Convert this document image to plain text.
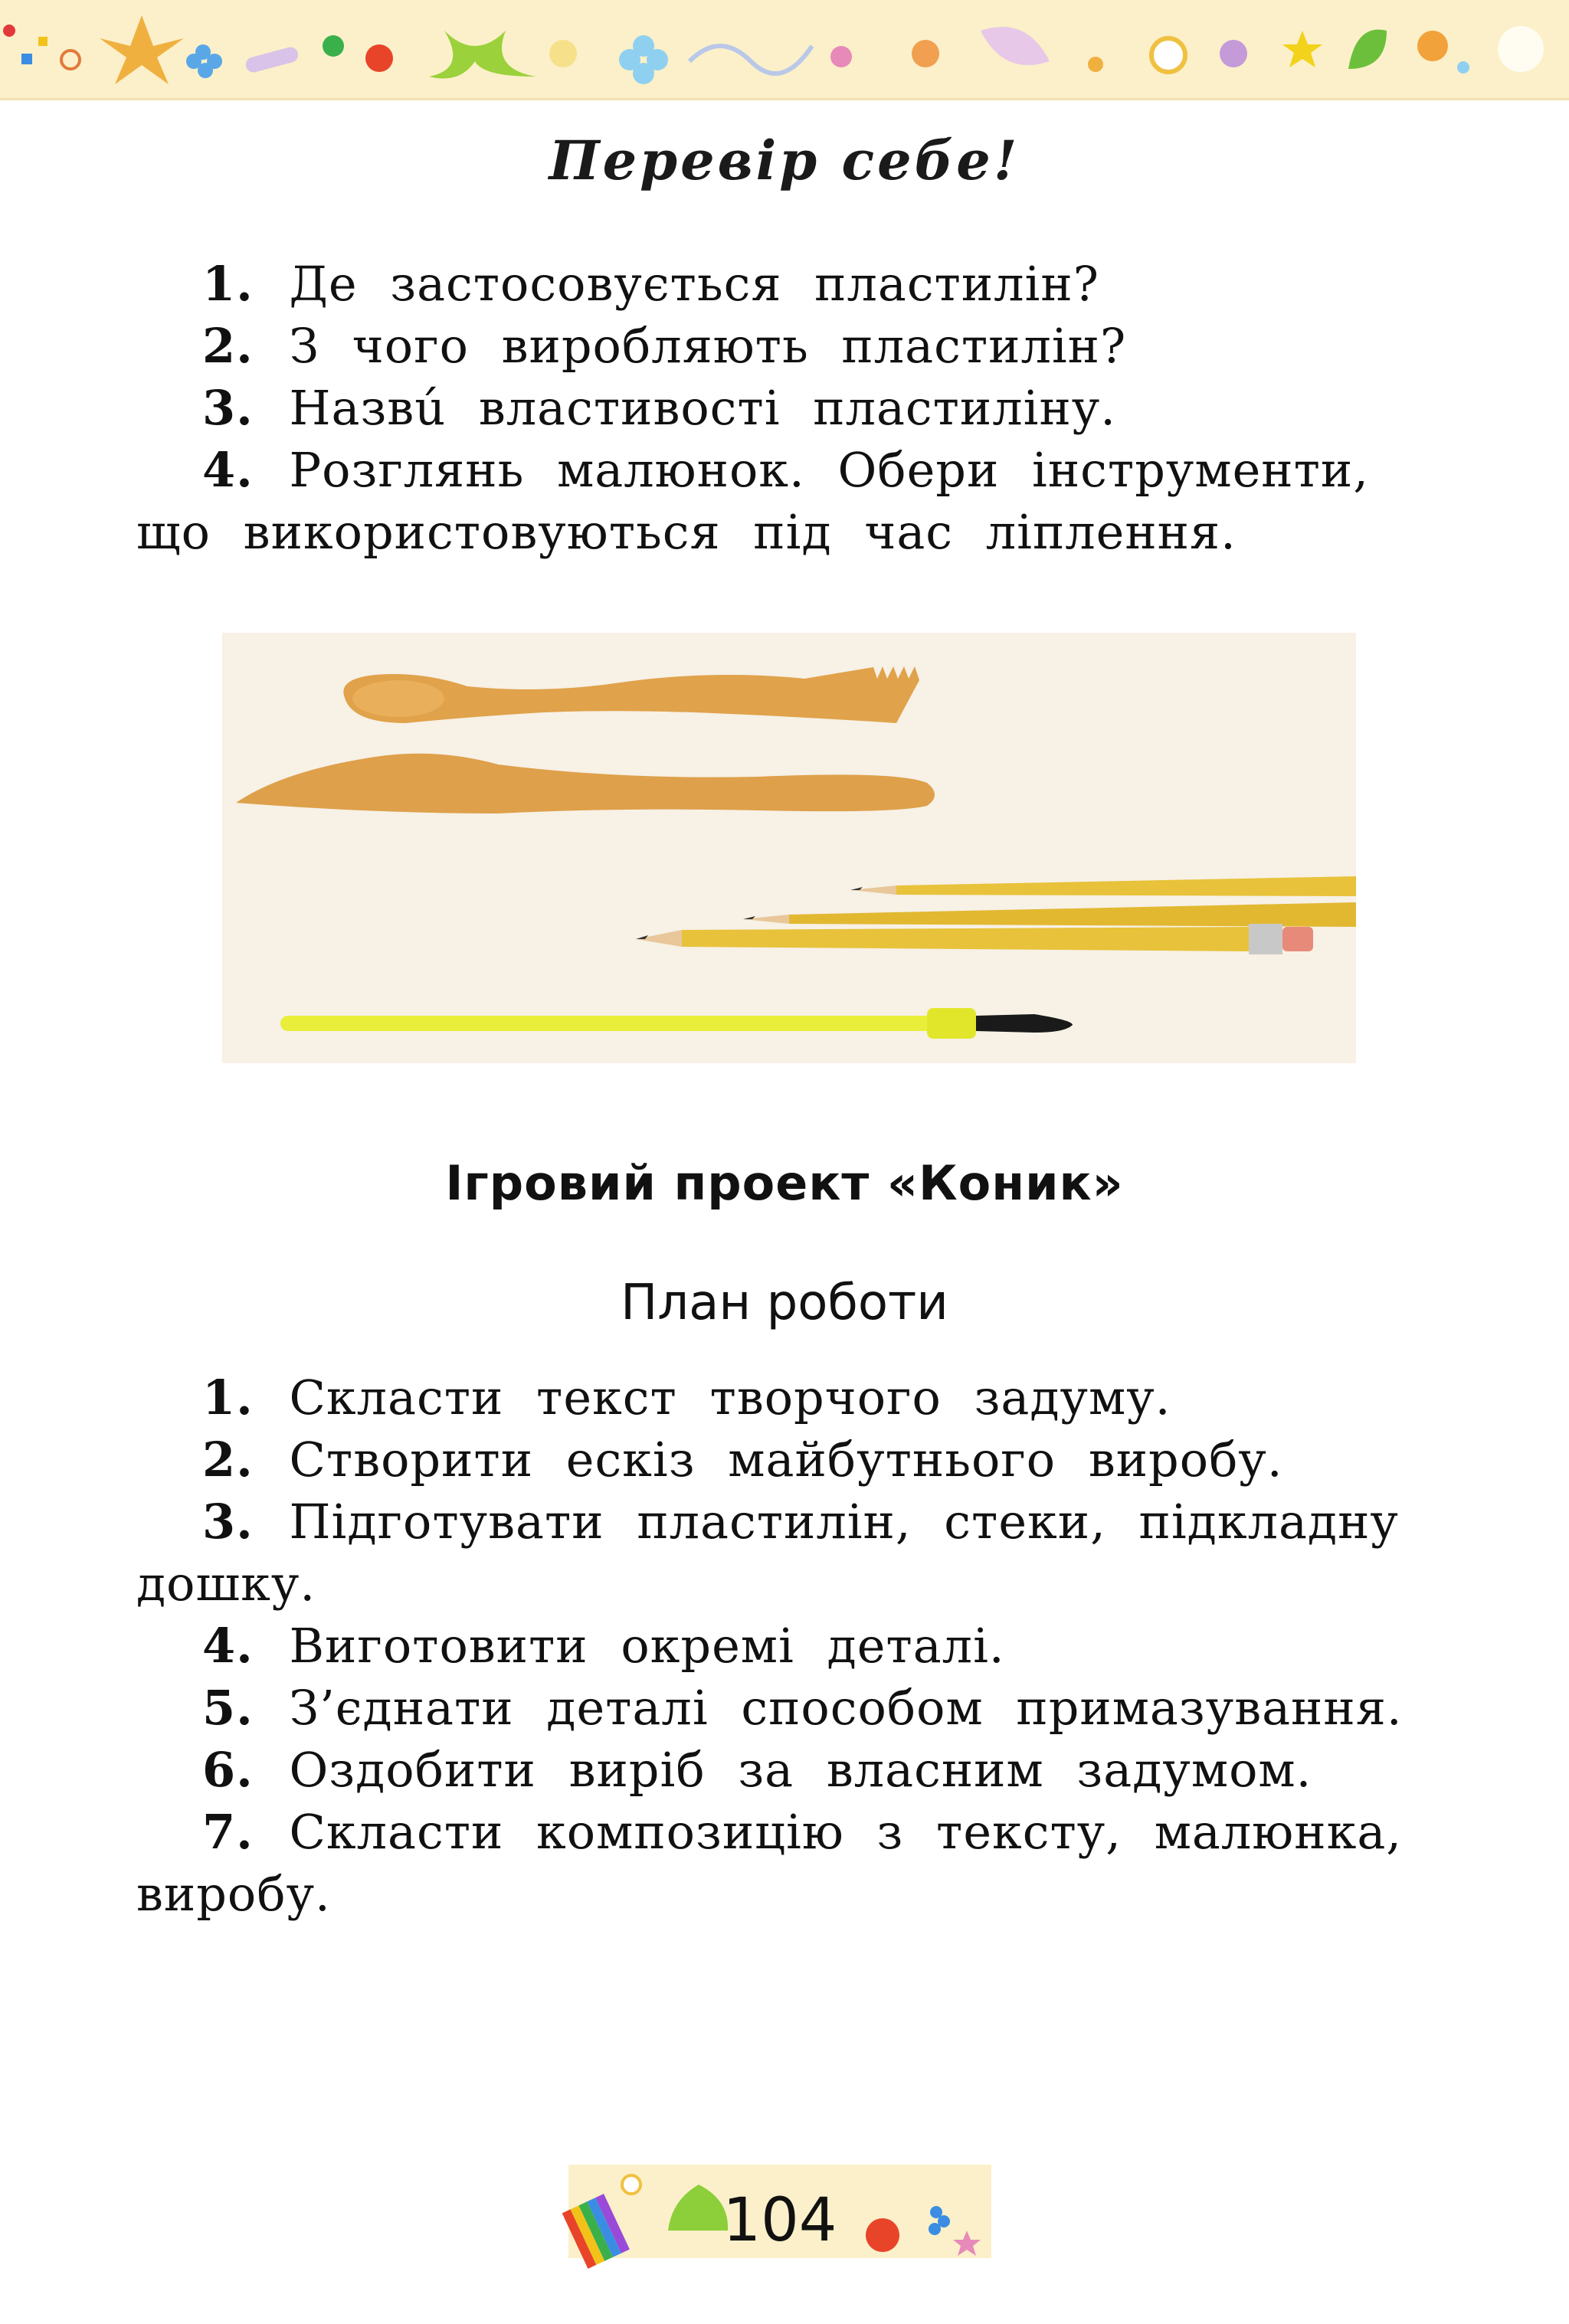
Перевір себе!
1. Де застосовується пластилін?
2. З чого виробляють пластилін?
3. Назвú властивості пластиліну.
4. Розглянь малюнок. Обери інструменти,
що використовуються під час ліплення.
Ігровий проект «Коник»
План роботи
1. Скласти текст творчого задуму.
2. Створити ескіз майбутнього виробу.
3. Підготувати пластилін, стеки, підкладну
дошку.
4. Виготовити окремі деталі.
5. З’єднати деталі способом примазування.
6. Оздобити виріб за власним задумом.
7. Скласти композицію з тексту, малюнка,
виробу.
104
